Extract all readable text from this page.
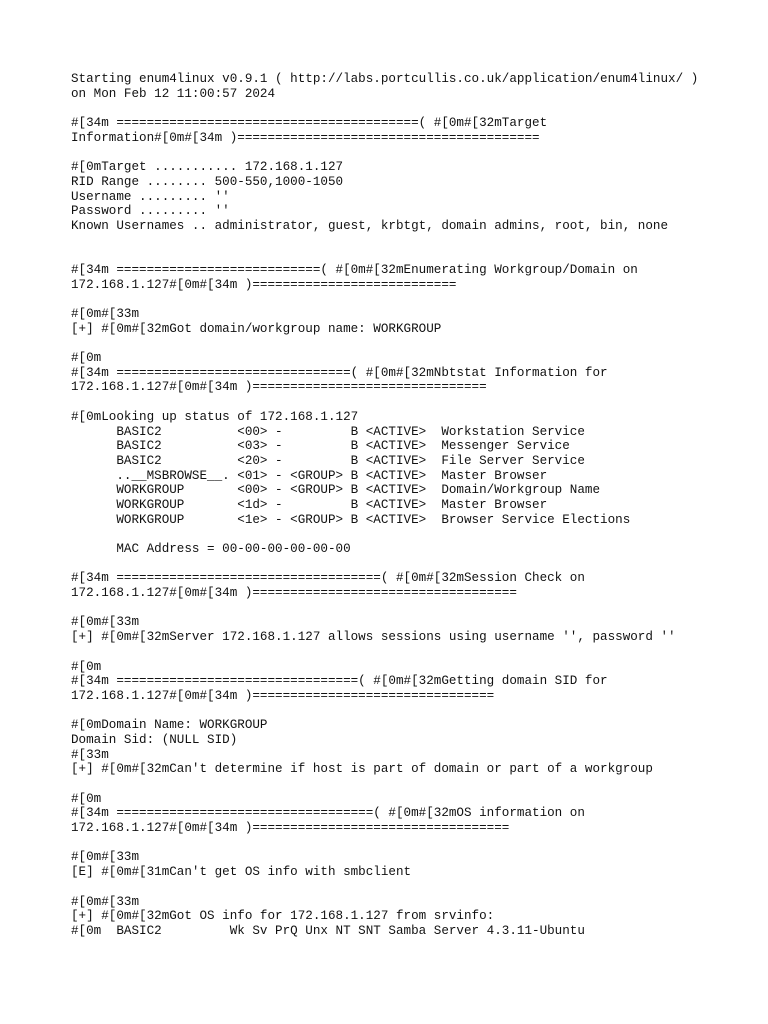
Starting enum4linux v0.9.1 ( http://labs.portcullis.co.uk/application/enum4linux/ )
on Mon Feb 12 11:00:57 2024
#[34m ========================================( #[0m#[32mTarget
Information#[0m#[34m )========================================
#[0mTarget ........... 172.168.1.127
RID Range ........ 500-550,1000-1050
Username ......... ''
Password ......... ''
Known Usernames .. administrator, guest, krbtgt, domain admins, root, bin, none
#[34m ===========================( #[0m#[32mEnumerating Workgroup/Domain on
172.168.1.127#[0m#[34m )===========================
#[0m#[33m
[+] #[0m#[32mGot domain/workgroup name: WORKGROUP
#[0m
#[34m ===============================( #[0m#[32mNbtstat Information for
172.168.1.127#[0m#[34m )===============================
#[0mLooking up status of 172.168.1.127
BASIC2          <00> -         B <ACTIVE>  Workstation Service
BASIC2          <03> -         B <ACTIVE>  Messenger Service
BASIC2          <20> -         B <ACTIVE>  File Server Service
..__MSBROWSE__. <01> - <GROUP> B <ACTIVE>  Master Browser
WORKGROUP       <00> - <GROUP> B <ACTIVE>  Domain/Workgroup Name
WORKGROUP       <1d> -         B <ACTIVE>  Master Browser
WORKGROUP       <1e> - <GROUP> B <ACTIVE>  Browser Service Elections
MAC Address = 00-00-00-00-00-00
#[34m ===================================( #[0m#[32mSession Check on
172.168.1.127#[0m#[34m )===================================
#[0m#[33m
[+] #[0m#[32mServer 172.168.1.127 allows sessions using username '', password ''
#[0m
#[34m ================================( #[0m#[32mGetting domain SID for
172.168.1.127#[0m#[34m )================================
#[0mDomain Name: WORKGROUP
Domain Sid: (NULL SID)
#[33m
[+] #[0m#[32mCan't determine if host is part of domain or part of a workgroup
#[0m
#[34m ==================================( #[0m#[32mOS information on
172.168.1.127#[0m#[34m )==================================
#[0m#[33m
[E] #[0m#[31mCan't get OS info with smbclient
#[0m#[33m
[+] #[0m#[32mGot OS info for 172.168.1.127 from srvinfo:
#[0m  BASIC2         Wk Sv PrQ Unx NT SNT Samba Server 4.3.11-Ubuntu
